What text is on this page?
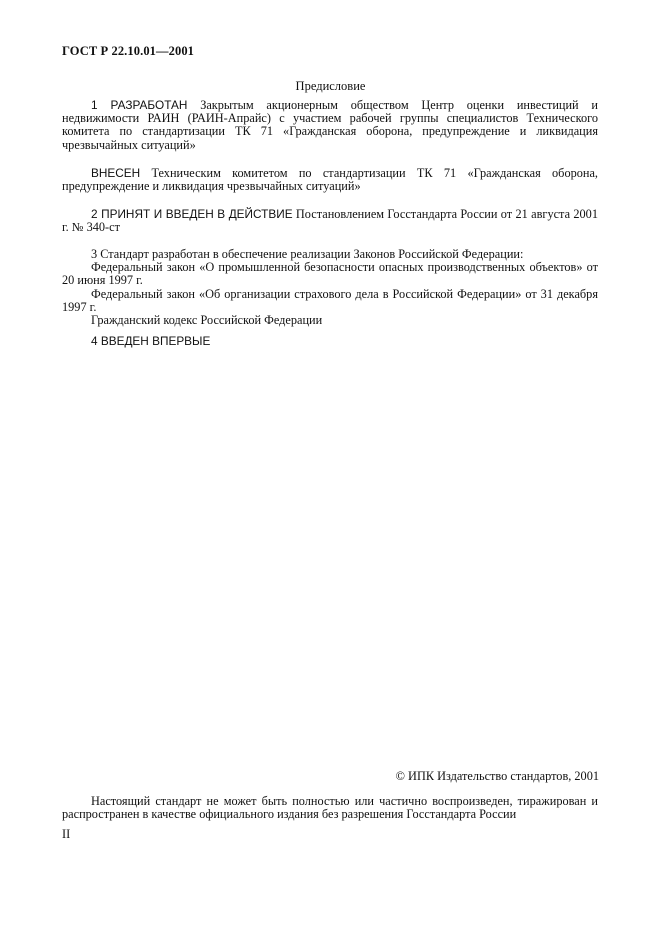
ГОСТ Р 22.10.01—2001
Предисловие

1 РАЗРАБОТАН Закрытым акционерным обществом Центр оценки инвестиций и недвижимости РАИН (РАИН-Апрайс) с участием рабочей группы специалистов Технического комитета по стандартизации ТК 71 «Гражданская оборона, предупреждение и ликвидация чрезвычайных ситуаций»

ВНЕСЕН Техническим комитетом по стандартизации ТК 71 «Гражданская оборона, предупреждение и ликвидация чрезвычайных ситуаций»

2 ПРИНЯТ И ВВЕДЕН В ДЕЙСТВИЕ Постановлением Госстандарта России от 21 августа 2001 г. № 340-ст

3 Стандарт разработан в обеспечение реализации Законов Российской Федерации:

Федеральный закон «О промышленной безопасности опасных производственных объектов» от 20 июня 1997 г.

Федеральный закон «Об организации страхового дела в Российской Федерации» от 31 декабря 1997 г.

Гражданский кодекс Российской Федерации

4 ВВЕДЕН ВПЕРВЫЕ

© ИПК Издательство стандартов, 2001

Настоящий стандарт не может быть полностью или частично воспроизведен, тиражирован и распространен в качестве официального издания без разрешения Госстандарта России

II
